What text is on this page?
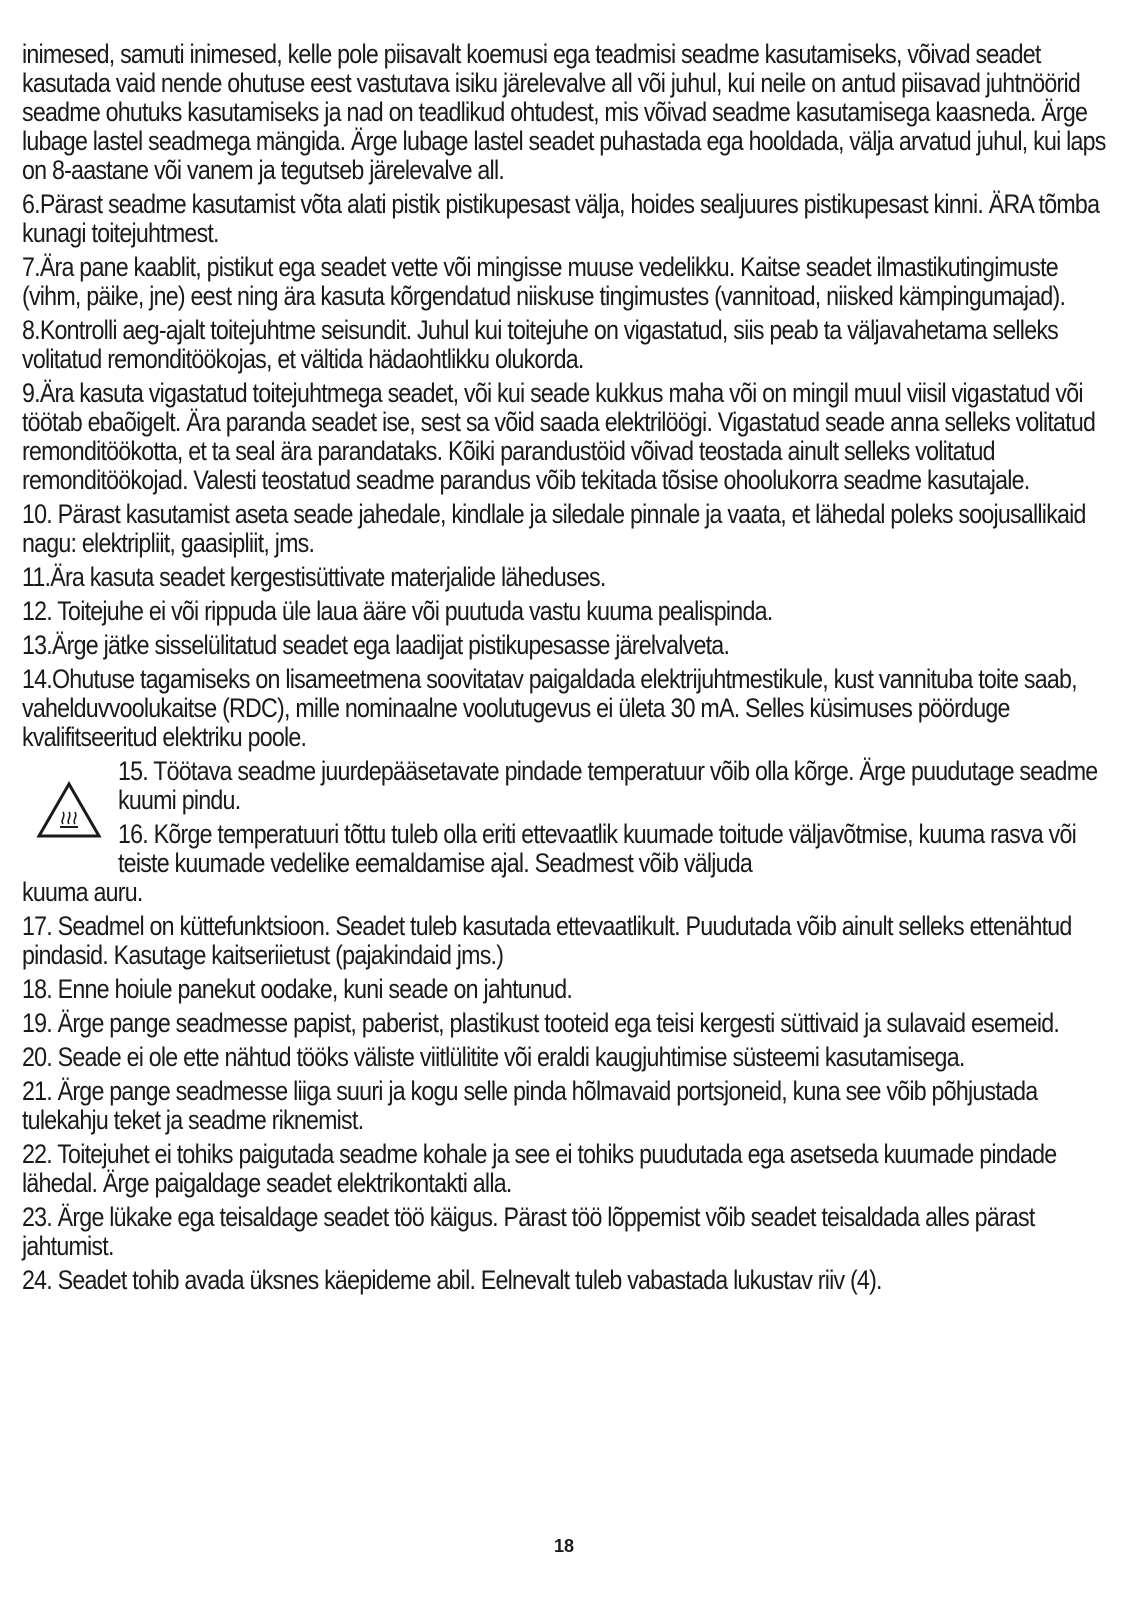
inimesed, samuti inimesed, kelle pole piisavalt koemusi ega teadmisi seadme kasutamiseks, võivad seadet kasutada vaid nende ohutuse eest vastutava isiku järelevalve all või juhul, kui neile on antud piisavad juhtnöörid seadme ohutuks kasutamiseks ja nad on teadlikud ohtudest, mis võivad seadme kasutamisega kaasneda. Ärge lubage lastel seadmega mängida. Ärge lubage lastel seadet puhastada ega hooldada, välja arvatud juhul, kui laps on 8-aastane või vanem ja tegutseb järelevalve all.

6.Pärast seadme kasutamist võta alati pistik pistikupesast välja, hoides sealjuures pistikupesast kinni. ÄRA tõmba kunagi toitejuhtmest.

7.Ära pane kaablit, pistikut ega seadet vette või mingisse muuse vedelikku. Kaitse seadet ilmastikutingimuste (vihm, päike, jne) eest ning ära kasuta kõrgendatud niiskuse tingimustes (vannitoad, niisked kämpingumajad).

8.Kontrolli aeg-ajalt toitejuhtme seisundit. Juhul kui toitejuhe on vigastatud, siis peab ta väljavahetama selleks volitatud remonditöökojas, et vältida hädaohtlikku olukorda.

9.Ära kasuta vigastatud toitejuhtmega seadet, või kui seade kukkus maha või on mingil muul viisil vigastatud või töötab ebaõigelt. Ära paranda seadet ise, sest sa võid saada elektrilöögi. Vigastatud seade anna selleks volitatud remonditöökotta, et ta seal ära parandataks. Kõiki parandustöid võivad teostada ainult selleks volitatud remonditöökojad. Valesti teostatud seadme parandus võib tekitada tõsise ohoolukorra seadme kasutajale.

10. Pärast kasutamist aseta seade jahedale, kindlale ja siledale pinnale ja vaata, et lähedal poleks soojusallikaid nagu: elektripliit, gaasipliit, jms.

11.Ära kasuta seadet kergestisüttivate materjalide läheduses.

12. Toitejuhe ei või rippuda üle laua ääre või puutuda vastu kuuma pealispinda.

13.Ärge jätke sisselülitatud seadet ega laadijat pistikupesasse järelvalveta.

14.Ohutuse tagamiseks on lisameetmena soovitatav paigaldada elektrijuhtmestikule, kust vannituba toite saab, vahelduvvoolukaitse (RDC), mille nominaalne voolutugevus ei ületa 30 mA. Selles küsimuses pöörduge kvalifitseeritud elektriku poole.

15. Töötava seadme juurdepääsetavate pindade temperatuur võib olla kõrge. Ärge puudutage seadme kuumi pindu.

16. Kõrge temperatuuri tõttu tuleb olla eriti ettevaatlik kuumade toitude väljavõtmise, kuuma rasva või teiste kuumade vedelike eemaldamise ajal. Seadmest võib väljuda

kuuma auru.

17. Seadmel on küttefunktsioon. Seadet tuleb kasutada ettevaatlikult. Puudutada võib ainult selleks ettenähtud pindasid. Kasutage kaitseriietust (pajakindaid jms.)

18. Enne hoiule panekut oodake, kuni seade on jahtunud.

19. Ärge pange seadmesse papist, paberist, plastikust tooteid ega teisi kergesti süttivaid ja sulavaid esemeid.

20. Seade ei ole ette nähtud tööks väliste viitlülitite või eraldi kaugjuhtimise süsteemi kasutamisega.

21. Ärge pange seadmesse liiga suuri ja kogu selle pinda hõlmavaid portsjoneid, kuna see võib põhjustada tulekahju teket ja seadme riknemist.

22. Toitejuhet ei tohiks paigutada seadme kohale ja see ei tohiks puudutada ega asetseda kuumade pindade lähedal. Ärge paigaldage seadet elektrikontakti alla.

23. Ärge lükake ega teisaldage seadet töö käigus. Pärast töö lõppemist võib seadet teisaldada alles pärast jahtumist.

24. Seadet tohib avada üksnes käepideme abil. Eelnevalt tuleb vabastada lukustav riiv (4).

18
